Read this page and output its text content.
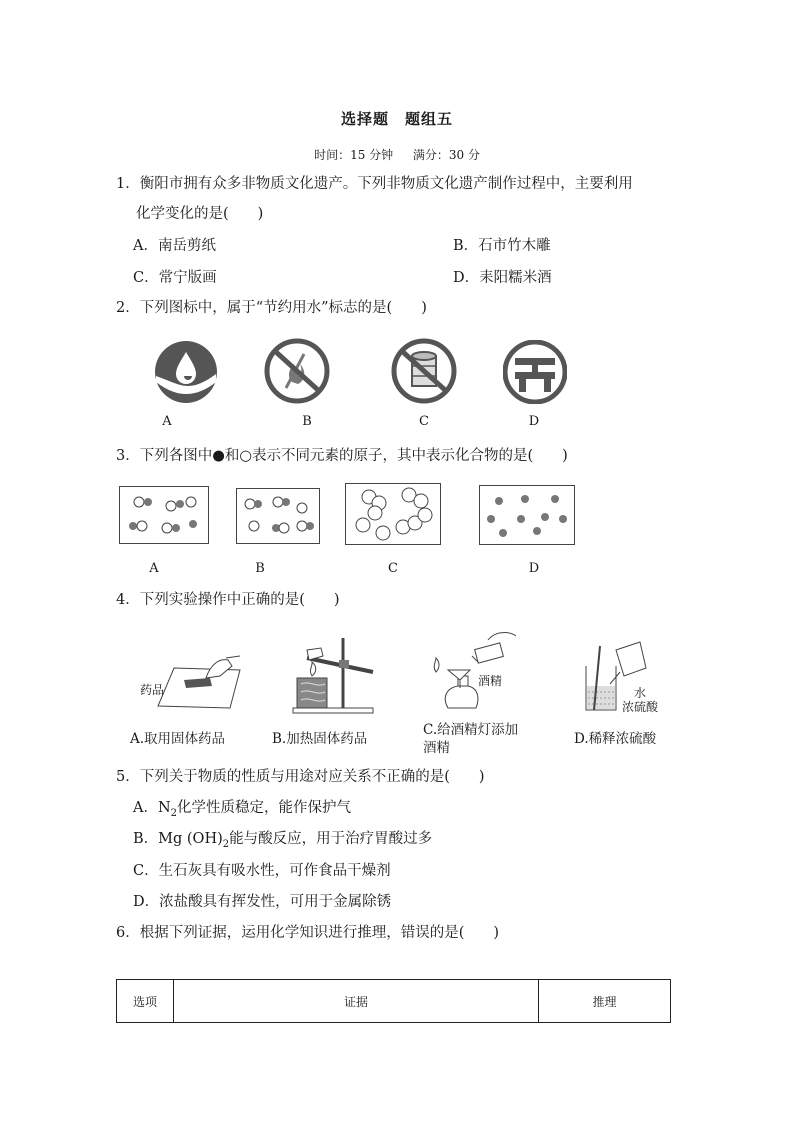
选择题　题组五
时间：15 分钟 满分：30 分
1．衡阳市拥有众多非物质文化遗产。下列非物质文化遗产制作过程中，主要利用
化学变化的是(　　)
A．南岳剪纸	B．石市竹木雕
C．常宁版画	D．耒阳糯米酒
2．下列图标中，属于“节约用水”标志的是(　　)
A	B	C	D
3．下列各图中●和○表示不同元素的原子，其中表示化合物的是(　　)
A	B	C	D
4．下列实验操作中正确的是(　　)
药品
酒精
水
浓硫酸
A.取用固体药品	B.加热固体药品
C.给酒精灯添加
酒精
D.稀释浓硫酸
5．下列关于物质的性质与用途对应关系不正确的是(　　)
A．$N_2$化学性质稳定，能作保护气
B．Mg $(OH)_2$能与酸反应，用于治疗胃酸过多
C．生石灰具有吸水性，可作食品干燥剂
D．浓盐酸具有挥发性，可用于金属除锈
6．根据下列证据，运用化学知识进行推理，错误的是(　　)
选项	证据	推理
